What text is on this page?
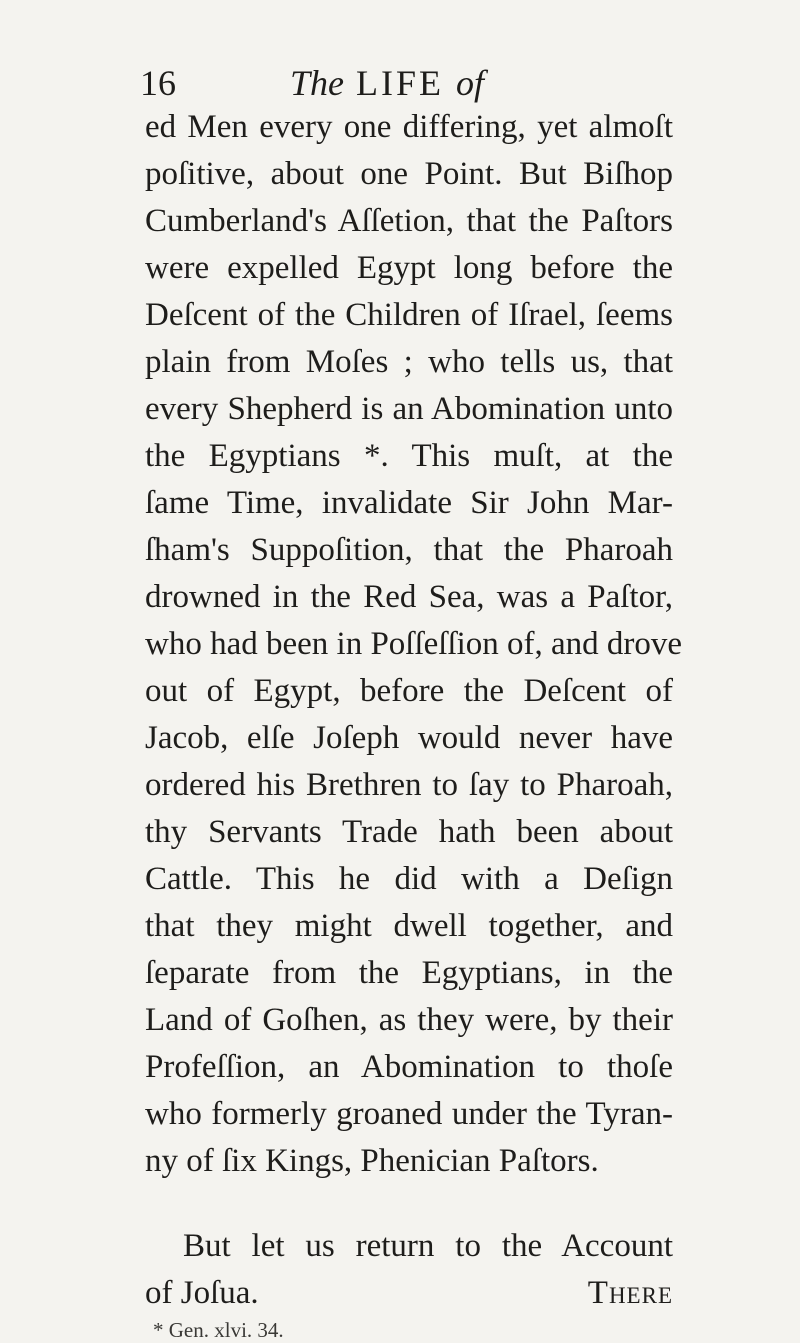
16	The LIFE of
ed Men every one differing, yet almoſt
poſitive, about one Point. But Biſhop
Cumberland's Aſſetion, that the Paſtors
were expelled Egypt long before the
Deſcent of the Children of Iſrael, ſeems
plain from Moſes ; who tells us, that
every Shepherd is an Abomination unto
the Egyptians *. This muſt, at the
ſame Time, invalidate Sir John Mar-
ſham's Suppoſition, that the Pharoah
drowned in the Red Sea, was a Paſtor,
who had been in Poſſeſſion of, and drove
out of Egypt, before the Deſcent of
Jacob, elſe Joſeph would never have
ordered his Brethren to ſay to Pharoah,
thy Servants Trade hath been about
Cattle. This he did with a Deſign
that they might dwell together, and
ſeparate from the Egyptians, in the
Land of Goſhen, as they were, by their
Profeſſion, an Abomination to thoſe
who formerly groaned under the Tyran-
ny of ſix Kings, Phenician Paſtors.
But let us return to the Account
of Joſua.	There
* Gen. xlvi. 34.
